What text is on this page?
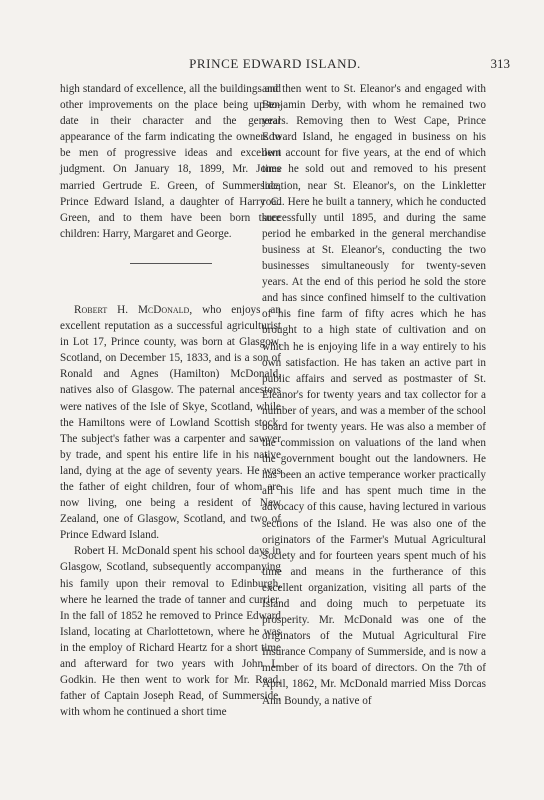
PRINCE EDWARD ISLAND.	313

high standard of excellence, all the buildings and other improvements on the place being up-to-date in their character and the general appearance of the farm indicating the owners to be men of progressive ideas and excellent judgment. On January 18, 1899, Mr. Jones married Gertrude E. Green, of Summerside, Prince Edward Island, a daughter of Harry C. Green, and to them have been born three children: Harry, Margaret and George.

Robert H. McDonald, who enjoys an excellent reputation as a successful agriculturist in Lot 17, Prince county, was born at Glasgow, Scotland, on December 15, 1833, and is a son of Ronald and Agnes (Hamilton) McDonald, natives also of Glasgow. The paternal ancestors were natives of the Isle of Skye, Scotland, while the Hamiltons were of Lowland Scottish stock. The subject's father was a carpenter and sawyer by trade, and spent his entire life in his native land, dying at the age of seventy years. He was the father of eight children, four of whom are now living, one being a resident of New Zealand, one of Glasgow, Scotland, and two of Prince Edward Island.

Robert H. McDonald spent his school days in Glasgow, Scotland, subsequently accompanying his family upon their removal to Edinburgh, where he learned the trade of tanner and currier. In the fall of 1852 he removed to Prince Edward Island, locating at Charlottetown, where he was in the employ of Richard Heartz for a short time and afterward for two years with John L. Godkin. He then went to work for Mr. Read, father of Captain Joseph Read, of Summerside, with whom he continued a short time

and then went to St. Eleanor's and engaged with Benjamin Derby, with whom he remained two years. Removing then to West Cape, Prince Edward Island, he engaged in business on his own account for five years, at the end of which time he sold out and removed to his present location, near St. Eleanor's, on the Linkletter road. Here he built a tannery, which he conducted successfully until 1895, and during the same period he embarked in the general merchandise business at St. Eleanor's, conducting the two businesses simultaneously for twenty-seven years. At the end of this period he sold the store and has since confined himself to the cultivation of his fine farm of fifty acres which he has brought to a high state of cultivation and on which he is enjoying life in a way entirely to his own satisfaction. He has taken an active part in public affairs and served as postmaster of St. Eleanor's for twenty years and tax collector for a number of years, and was a member of the school board for twenty years. He was also a member of the commission on valuations of the land when the government bought out the landowners. He has been an active temperance worker practically all his life and has spent much time in the advocacy of this cause, having lectured in various sections of the Island. He was also one of the originators of the Farmer's Mutual Agricultural Society and for fourteen years spent much of his time and means in the furtherance of this excellent organization, visiting all parts of the Island and doing much to perpetuate its prosperity. Mr. McDonald was one of the originators of the Mutual Agricultural Fire Insurance Company of Summerside, and is now a member of its board of directors. On the 7th of April, 1862, Mr. McDonald married Miss Dorcas Ann Boundy, a native of
